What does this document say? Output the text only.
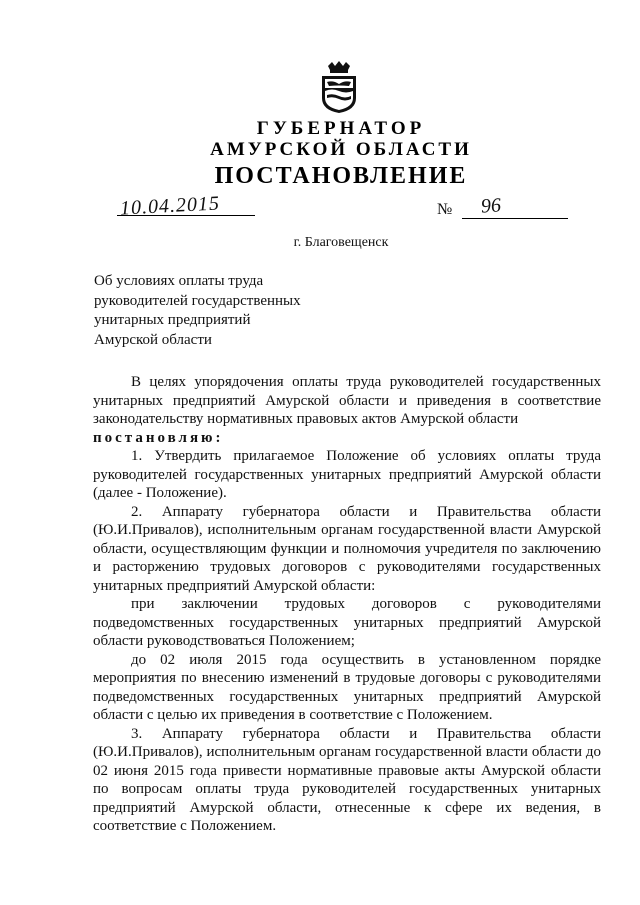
ГУБЕРНАТОР
АМУРСКОЙ ОБЛАСТИ
ПОСТАНОВЛЕНИЕ
10.04.2015	№ 96
г. Благовещенск
Об условиях оплаты труда
руководителей государственных
унитарных предприятий
Амурской области

В целях упорядочения оплаты труда руководителей государственных унитарных предприятий Амурской области и приведения в соответствие законодательству нормативных правовых актов Амурской области

постановляю:

1. Утвердить прилагаемое Положение об условиях оплаты труда руководителей государственных унитарных предприятий Амурской области (далее - Положение).

2. Аппарату губернатора области и Правительства области (Ю.И.Привалов), исполнительным органам государственной власти Амурской области, осуществляющим функции и полномочия учредителя по заключению и расторжению трудовых договоров с руководителями государственных унитарных предприятий Амурской области:

при заключении трудовых договоров с руководителями подведомственных государственных унитарных предприятий Амурской области руководствоваться Положением;

до 02 июля 2015 года осуществить в установленном порядке мероприятия по внесению изменений в трудовые договоры с руководителями подведомственных государственных унитарных предприятий Амурской области с целью их приведения в соответствие с Положением.

3. Аппарату губернатора области и Правительства области (Ю.И.Привалов), исполнительным органам государственной власти области до 02 июня 2015 года привести нормативные правовые акты Амурской области по вопросам оплаты труда руководителей государственных унитарных предприятий Амурской области, отнесенные к сфере их ведения, в соответствие с Положением.
